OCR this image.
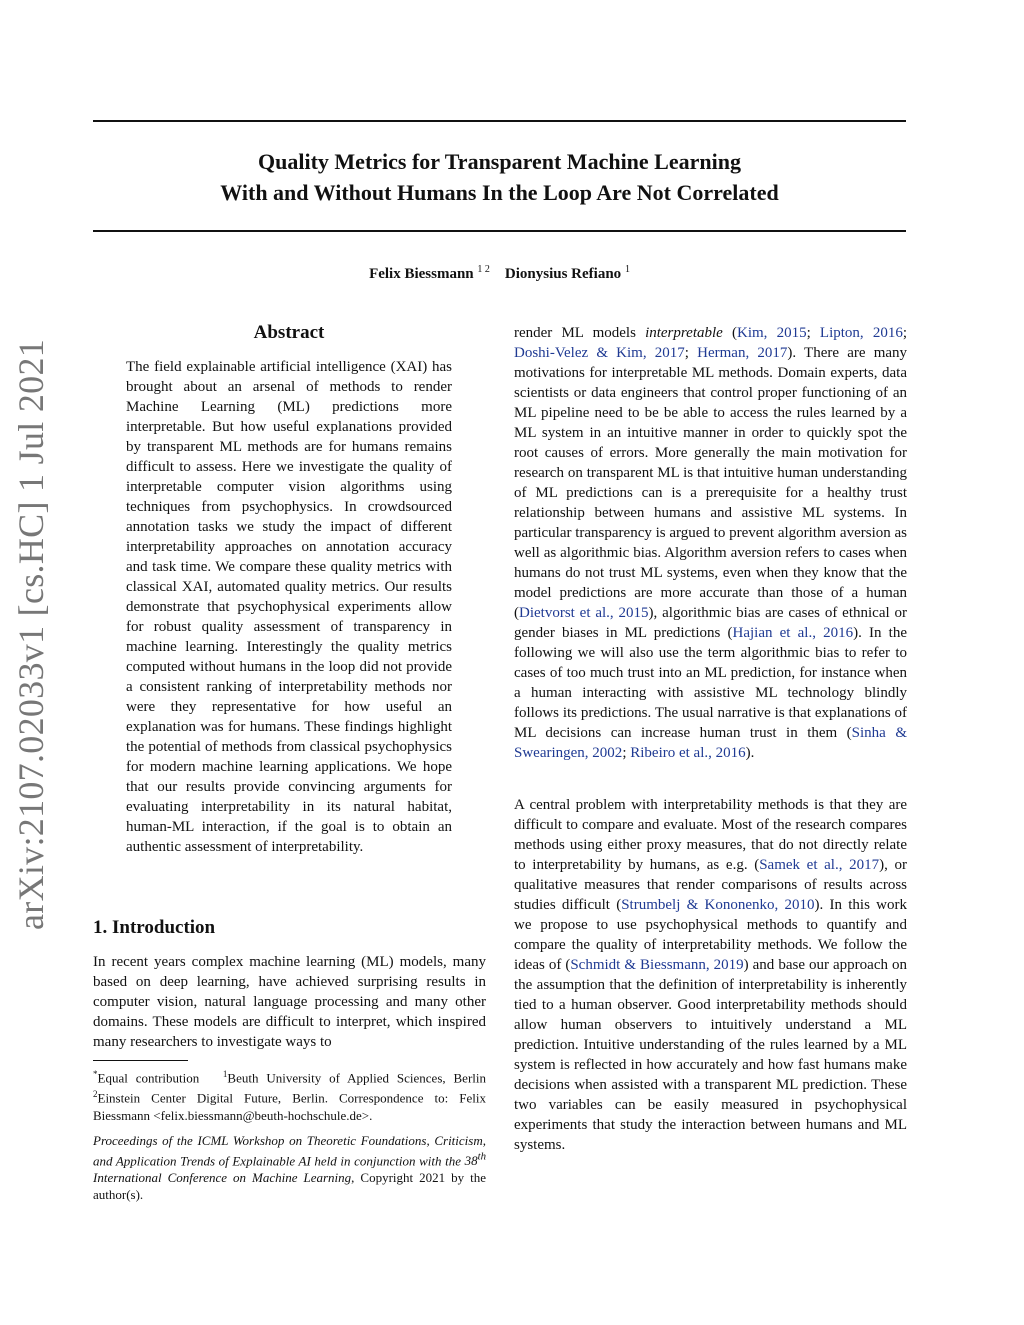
Quality Metrics for Transparent Machine Learning
With and Without Humans In the Loop Are Not Correlated
Felix Biessmann $^{1 2}$ Dionysius Refiano $^1$
arXiv:2107.02033v1 [cs.HC] 1 Jul 2021
Abstract
The field explainable artificial intelligence (XAI) has brought about an arsenal of methods to render Machine Learning (ML) predictions more interpretable. But how useful explanations provided by transparent ML methods are for humans remains difficult to assess. Here we investigate the quality of interpretable computer vision algorithms using techniques from psychophysics. In crowdsourced annotation tasks we study the impact of different interpretability approaches on annotation accuracy and task time. We compare these quality metrics with classical XAI, automated quality metrics. Our results demonstrate that psychophysical experiments allow for robust quality assessment of transparency in machine learning. Interestingly the quality metrics computed without humans in the loop did not provide a consistent ranking of interpretability methods nor were they representative for how useful an explanation was for humans. These findings highlight the potential of methods from classical psychophysics for modern machine learning applications. We hope that our results provide convincing arguments for evaluating interpretability in its natural habitat, human-ML interaction, if the goal is to obtain an authentic assessment of interpretability.
1. Introduction
In recent years complex machine learning (ML) models, many based on deep learning, have achieved surprising results in computer vision, natural language processing and many other domains. These models are difficult to interpret, which inspired many researchers to investigate ways to
*Equal contribution	$^1$Beuth University of Applied Sciences, Berlin $^2$Einstein Center Digital Future, Berlin. Correspondence to: Felix Biessmann <felix.biessmann@beuth-hochschule.de>.
Proceedings of the ICML Workshop on Theoretic Foundations, Criticism, and Application Trends of Explainable AI held in conjunction with the 38th International Conference on Machine Learning, Copyright 2021 by the author(s).
render ML models interpretable (Kim, 2015; Lipton, 2016; Doshi-Velez & Kim, 2017; Herman, 2017). There are many motivations for interpretable ML methods. Domain experts, data scientists or data engineers that control proper functioning of an ML pipeline need to be be able to access the rules learned by a ML system in an intuitive manner in order to quickly spot the root causes of errors. More generally the main motivation for research on transparent ML is that intuitive human understanding of ML predictions can is a prerequisite for a healthy trust relationship between humans and assistive ML systems. In particular transparency is argued to prevent algorithm aversion as well as algorithmic bias. Algorithm aversion refers to cases when humans do not trust ML systems, even when they know that the model predictions are more accurate than those of a human (Dietvorst et al., 2015), algorithmic bias are cases of ethnical or gender biases in ML predictions (Hajian et al., 2016). In the following we will also use the term algorithmic bias to refer to cases of too much trust into an ML prediction, for instance when a human interacting with assistive ML technology blindly follows its predictions. The usual narrative is that explanations of ML decisions can increase human trust in them (Sinha & Swearingen, 2002; Ribeiro et al., 2016).
A central problem with interpretability methods is that they are difficult to compare and evaluate. Most of the research compares methods using either proxy measures, that do not directly relate to interpretability by humans, as e.g. (Samek et al., 2017), or qualitative measures that render comparisons of results across studies difficult (Strumbelj & Kononenko, 2010). In this work we propose to use psychophysical methods to quantify and compare the quality of interpretability methods. We follow the ideas of (Schmidt & Biessmann, 2019) and base our approach on the assumption that the definition of interpretability is inherently tied to a human observer. Good interpretability methods should allow human observers to intuitively understand a ML prediction. Intuitive understanding of the rules learned by a ML system is reflected in how accurately and how fast humans make decisions when assisted with a transparent ML prediction. These two variables can be easily measured in psychophysical experiments that study the interaction between humans and ML systems.
